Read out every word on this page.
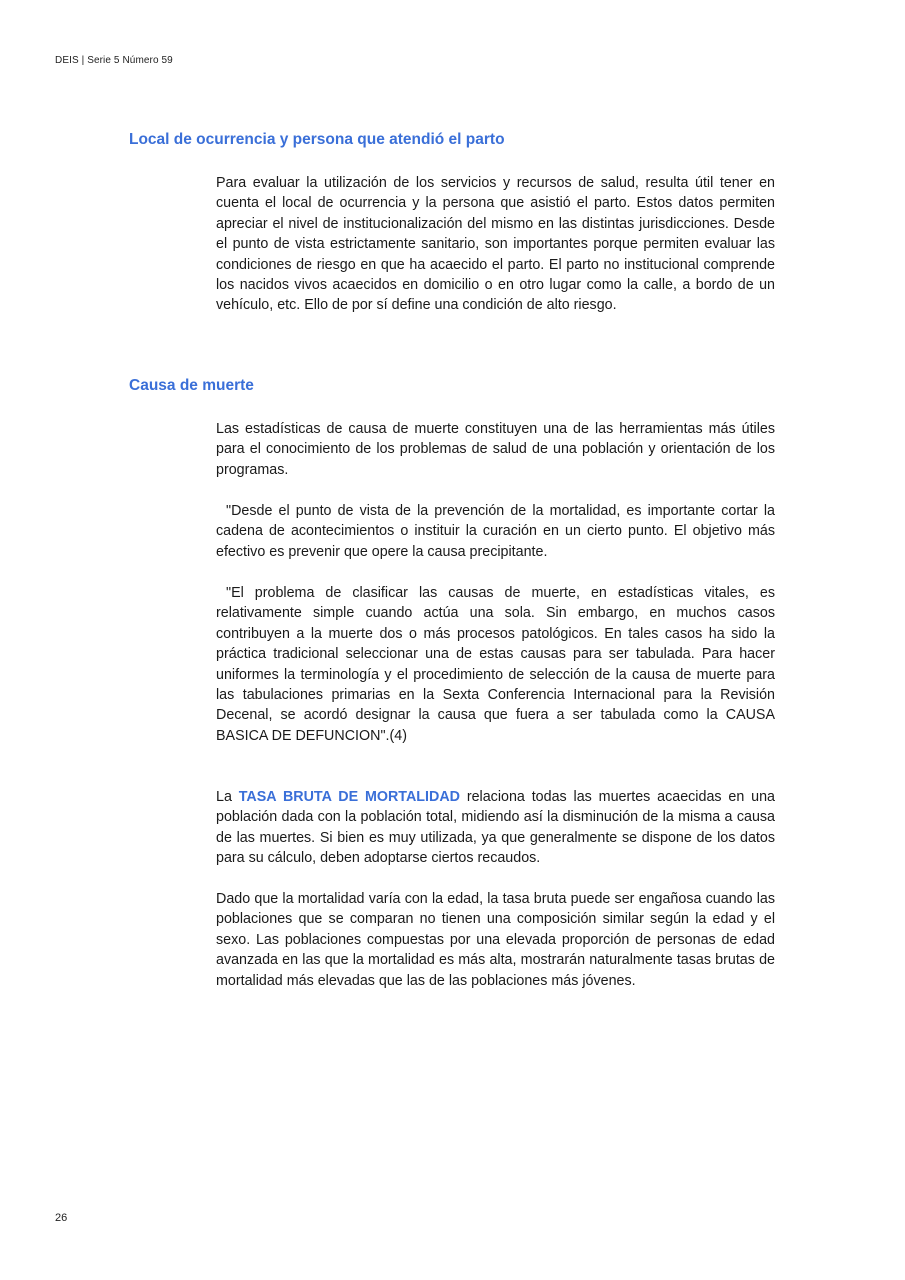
DEIS | Serie 5 Número 59
Local de ocurrencia y persona que atendió el parto

Para evaluar la utilización de los servicios y recursos de salud, resulta útil tener en cuenta el local de ocurrencia y la persona que asistió el parto. Estos datos permiten apreciar el nivel de institucionalización del mismo en las distintas jurisdicciones. Desde el punto de vista estrictamente sanitario, son importantes porque permiten evaluar las condiciones de riesgo en que ha acaecido el parto. El parto no institucional comprende los nacidos vivos acaecidos en domicilio o en otro lugar como la calle, a bordo de un vehículo, etc. Ello de por sí define una condición de alto riesgo.

Causa de muerte

Las estadísticas de causa de muerte constituyen una de las herramientas más útiles para el conocimiento de los problemas de salud de una población y orientación de los programas.

"Desde el punto de vista de la prevención de la mortalidad, es importante cortar la cadena de acontecimientos o instituir la curación en un cierto punto. El objetivo más efectivo es prevenir que opere la causa precipitante.

"El problema de clasificar las causas de muerte, en estadísticas vitales, es relativamente simple cuando actúa una sola. Sin embargo, en muchos casos contribuyen a la muerte dos o más procesos patológicos. En tales casos ha sido la práctica tradicional seleccionar una de estas causas para ser tabulada. Para hacer uniformes la terminología y el procedimiento de selección de la causa de muerte para las tabulaciones primarias en la Sexta Conferencia Internacional para la Revisión Decenal, se acordó designar la causa que fuera a ser tabulada como la CAUSA BASICA DE DEFUNCION".(4)

La TASA BRUTA DE MORTALIDAD relaciona todas las muertes acaecidas en una población dada con la población total, midiendo así la disminución de la misma a causa de las muertes. Si bien es muy utilizada, ya que generalmente se dispone de los datos para su cálculo, deben adoptarse ciertos recaudos.

Dado que la mortalidad varía con la edad, la tasa bruta puede ser engañosa cuando las poblaciones que se comparan no tienen una composición similar según la edad y el sexo. Las poblaciones compuestas por una elevada proporción de personas de edad avanzada en las que la mortalidad es más alta, mostrarán naturalmente tasas brutas de mortalidad más elevadas que las de las poblaciones más jóvenes.

26
